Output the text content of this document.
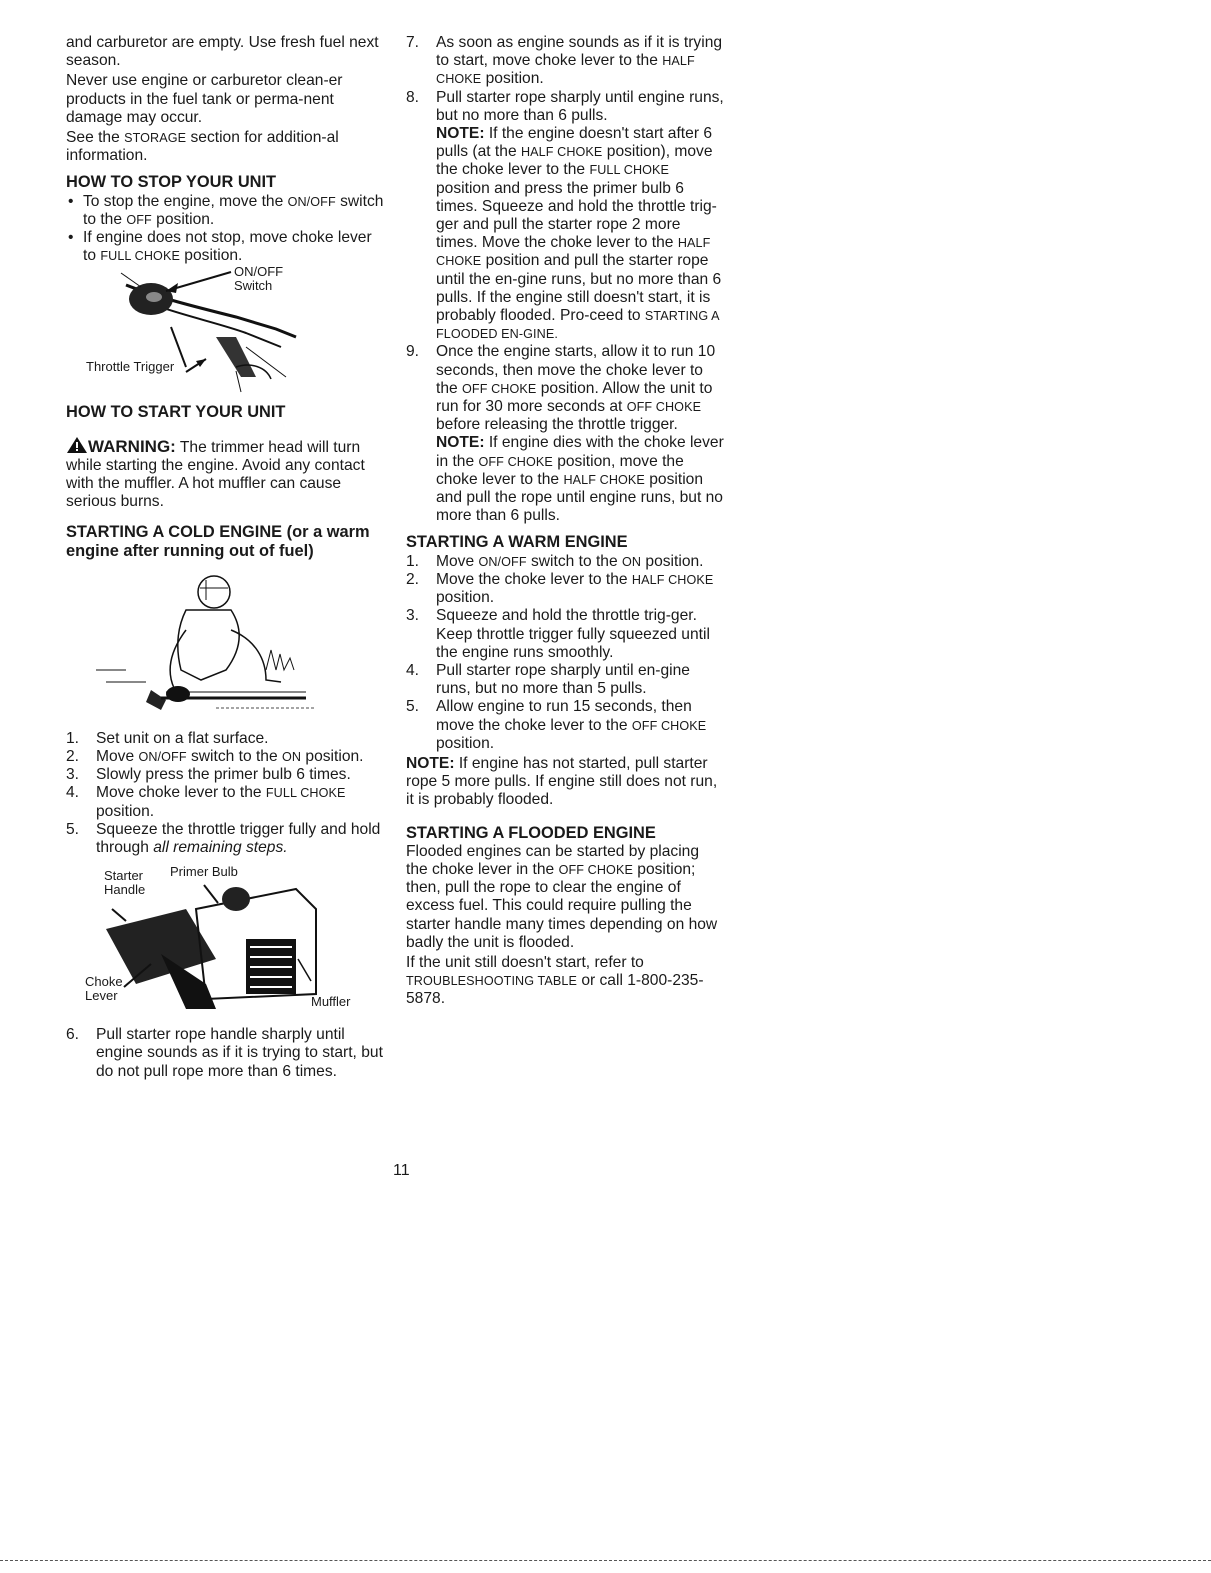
and carburetor are empty. Use fresh fuel next season.

Never use engine or carburetor clean-er products in the fuel tank or perma-nent damage may occur.

See the STORAGE section for addition-al information.

HOW TO STOP YOUR UNIT
• To stop the engine, move the ON/OFF switch to the OFF position.
• If engine does not stop, move choke lever to FULL CHOKE position.
ON/OFF Switch
Throttle Trigger
HOW TO START YOUR UNIT

WARNING: The trimmer head will turn while starting the engine. Avoid any contact with the muffler. A hot muffler can cause serious burns.

STARTING A COLD ENGINE (or a warm engine after running out of fuel)
1. Set unit on a flat surface.
2. Move ON/OFF switch to the ON position.
3. Slowly press the primer bulb 6 times.
4. Move choke lever to the FULL CHOKE position.
5. Squeeze the throttle trigger fully and hold through all remaining steps.
Starter Handle
Primer Bulb
Choke Lever	Muffler
6. Pull starter rope handle sharply until engine sounds as if it is trying to start, but do not pull rope more than 6 times.
7. As soon as engine sounds as if it is trying to start, move choke lever to the HALF CHOKE position.
8. Pull starter rope sharply until engine runs, but no more than 6 pulls.
NOTE: If the engine doesn't start after 6 pulls (at the HALF CHOKE position), move the choke lever to the FULL CHOKE position and press the primer bulb 6 times. Squeeze and hold the throttle trig-ger and pull the starter rope 2 more times. Move the choke lever to the HALF CHOKE position and pull the starter rope until the en-gine runs, but no more than 6 pulls. If the engine still doesn't start, it is probably flooded. Pro-ceed to STARTING A FLOODED EN-GINE.
9. Once the engine starts, allow it to run 10 seconds, then move the choke lever to the OFF CHOKE position. Allow the unit to run for 30 more seconds at OFF CHOKE before releasing the throttle trigger.
NOTE: If engine dies with the choke lever in the OFF CHOKE position, move the choke lever to the HALF CHOKE position and pull the rope until engine runs, but no more than 6 pulls.
STARTING A WARM ENGINE
1. Move ON/OFF switch to the ON position.
2. Move the choke lever to the HALF CHOKE position.
3. Squeeze and hold the throttle trig-ger. Keep throttle trigger fully squeezed until the engine runs smoothly.
4. Pull starter rope sharply until en-gine runs, but no more than 5 pulls.
5. Allow engine to run 15 seconds, then move the choke lever to the OFF CHOKE position.

NOTE: If engine has not started, pull starter rope 5 more pulls. If engine still does not run, it is probably flooded.

STARTING A FLOODED ENGINE

Flooded engines can be started by placing the choke lever in the OFF CHOKE position; then, pull the rope to clear the engine of excess fuel. This could require pulling the starter handle many times depending on how badly the unit is flooded.

If the unit still doesn't start, refer to TROUBLESHOOTING TABLE or call 1-800-235-5878.

11
